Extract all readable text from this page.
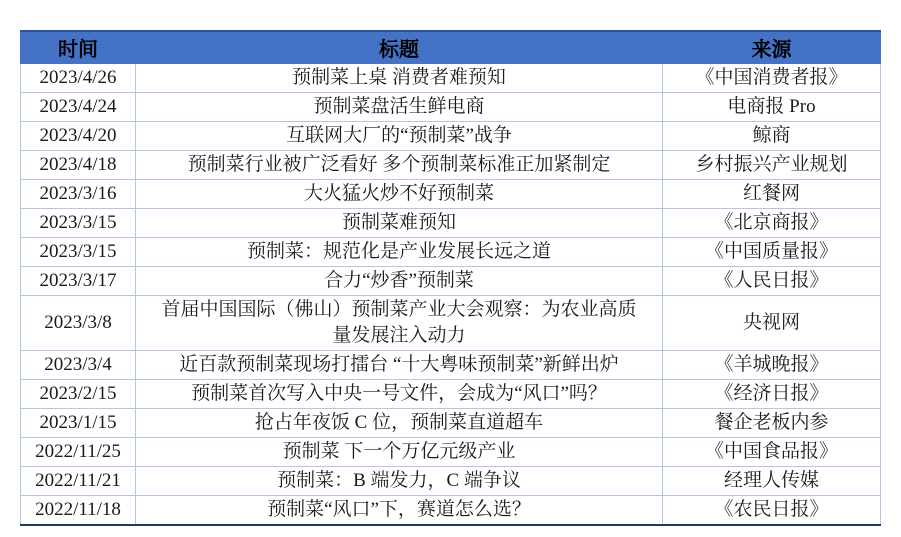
时间	标题	来源
2023/4/26	预制菜上桌 消费者难预知	《中国消费者报》
2023/4/24	预制菜盘活生鲜电商	电商报 Pro
2023/4/20	互联网大厂的“预制菜”战争	鲸商
2023/4/18	预制菜行业被广泛看好 多个预制菜标准正加紧制定	乡村振兴产业规划
2023/3/16	大火猛火炒不好预制菜	红餐网
2023/3/15	预制菜难预知	《北京商报》
2023/3/15	预制菜：规范化是产业发展长远之道	《中国质量报》
2023/3/17	合力“炒香”预制菜	《人民日报》
2023/3/8	首届中国国际（佛山）预制菜产业大会观察：为农业高质量发展注入动力	央视网
2023/3/4	近百款预制菜现场打擂台 “十大粤味预制菜”新鲜出炉	《羊城晚报》
2023/2/15	预制菜首次写入中央一号文件，会成为“风口”吗？	《经济日报》
2023/1/15	抢占年夜饭 C 位，预制菜直道超车	餐企老板内参
2022/11/25	预制菜 下一个万亿元级产业	《中国食品报》
2022/11/21	预制菜：B 端发力，C 端争议	经理人传媒
2022/11/18	预制菜“风口”下，赛道怎么选？	《农民日报》
